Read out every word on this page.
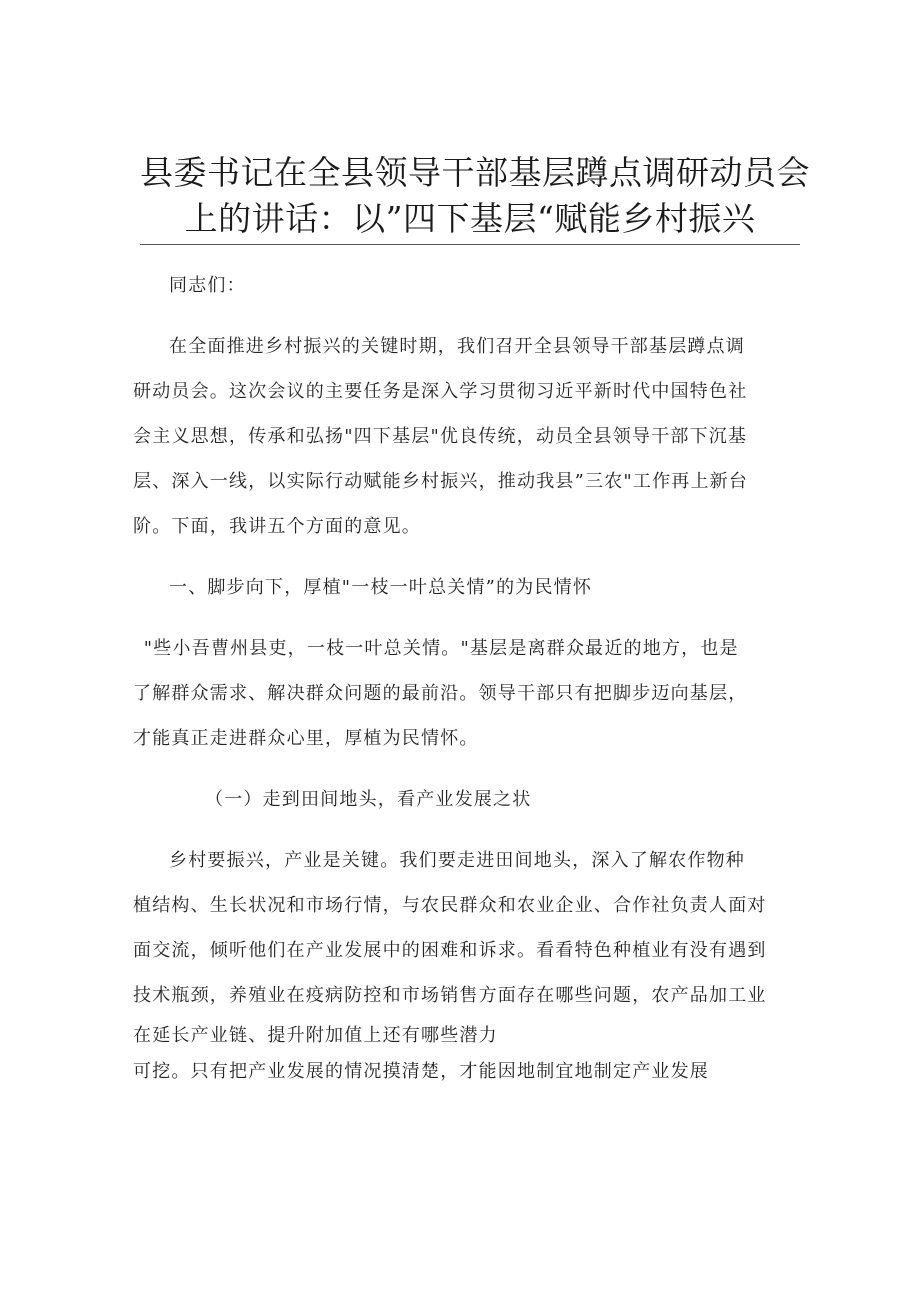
县委书记在全县领导干部基层蹲点调研动员会
上的讲话：以”四下基层“赋能乡村振兴

同志们：

在全面推进乡村振兴的关键时期，我们召开全县领导干部基层蹲点调

研动员会。这次会议的主要任务是深入学习贯彻习近平新时代中国特色社
会主义思想，传承和弘扬"四下基层"优良传统，动员全县领导干部下沉基
层、深入一线，以实际行动赋能乡村振兴，推动我县”三农"工作再上新台
阶。下面，我讲五个方面的意见。

一、脚步向下，厚植"一枝一叶总关情”的为民情怀

"些小吾曹州县吏，一枝一叶总关情。"基层是离群众最近的地方，也是

了解群众需求、解决群众问题的最前沿。领导干部只有把脚步迈向基层，
才能真正走进群众心里，厚植为民情怀。

（一）走到田间地头，看产业发展之状

乡村要振兴，产业是关键。我们要走进田间地头，深入了解农作物种

植结构、生长状况和市场行情，与农民群众和农业企业、合作社负责人面对
面交流，倾听他们在产业发展中的困难和诉求。看看特色种植业有没有遇到
技术瓶颈，养殖业在疫病防控和市场销售方面存在哪些问题，农产品加工业

在延长产业链、提升附加值上还有哪些潜力
可挖。只有把产业发展的情况摸清楚，才能因地制宜地制定产业发展
